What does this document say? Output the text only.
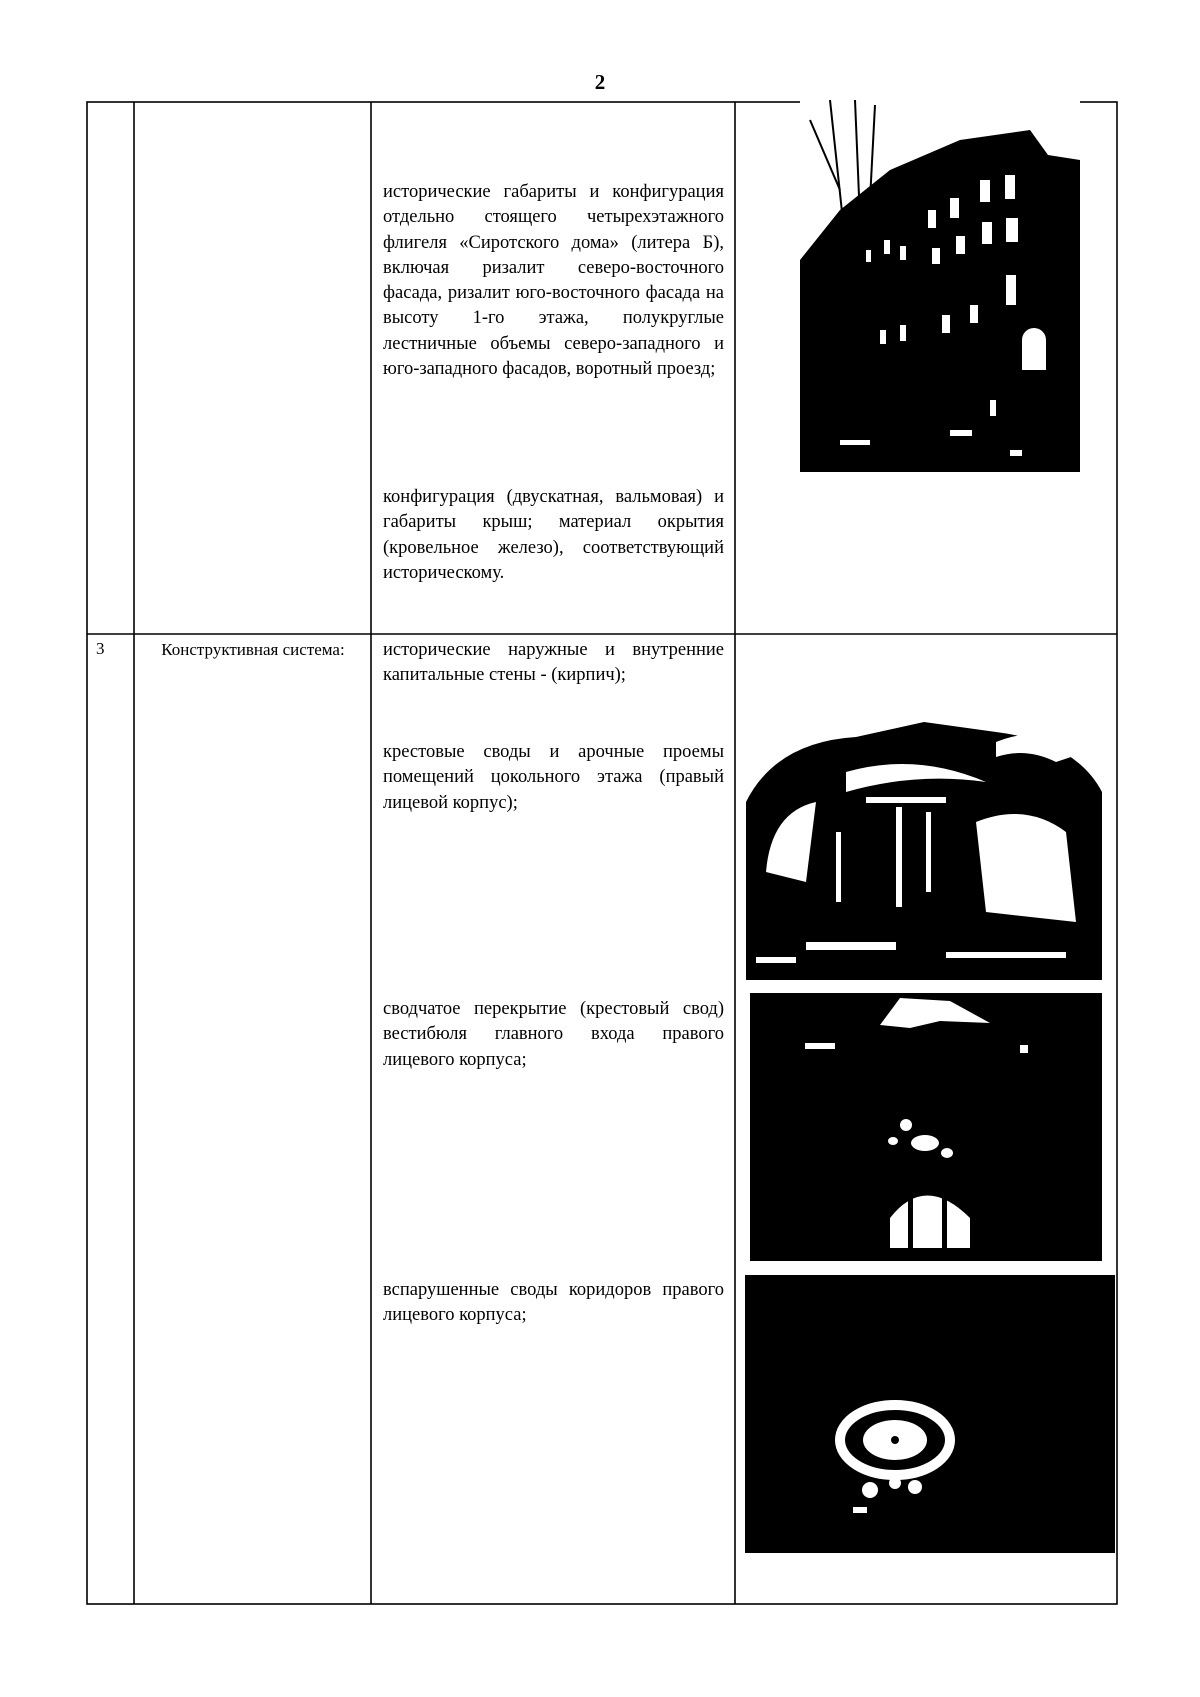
2

исторические габариты и конфигурация отдельно стоящего четырехэтажного флигеля «Сиротского дома» (литера Б), включая ризалит северо-восточного фасада, ризалит юго-восточного фасада на высоту 1-го этажа, полукруглые лестничные объемы северо-западного и юго-западного фасадов, воротный проезд;

конфигурация (двускатная, вальмовая) и габариты крыш; материал окрытия (кровельное железо), соответствующий историческому.

3	Конструктивная система:	исторические наружные и внутренние капитальные стены - (кирпич);

крестовые своды и арочные проемы помещений цокольного этажа (правый лицевой корпус);

сводчатое перекрытие (крестовый свод) вестибюля главного входа правого лицевого корпуса;

вспарушенные своды коридоров правого лицевого корпуса;
